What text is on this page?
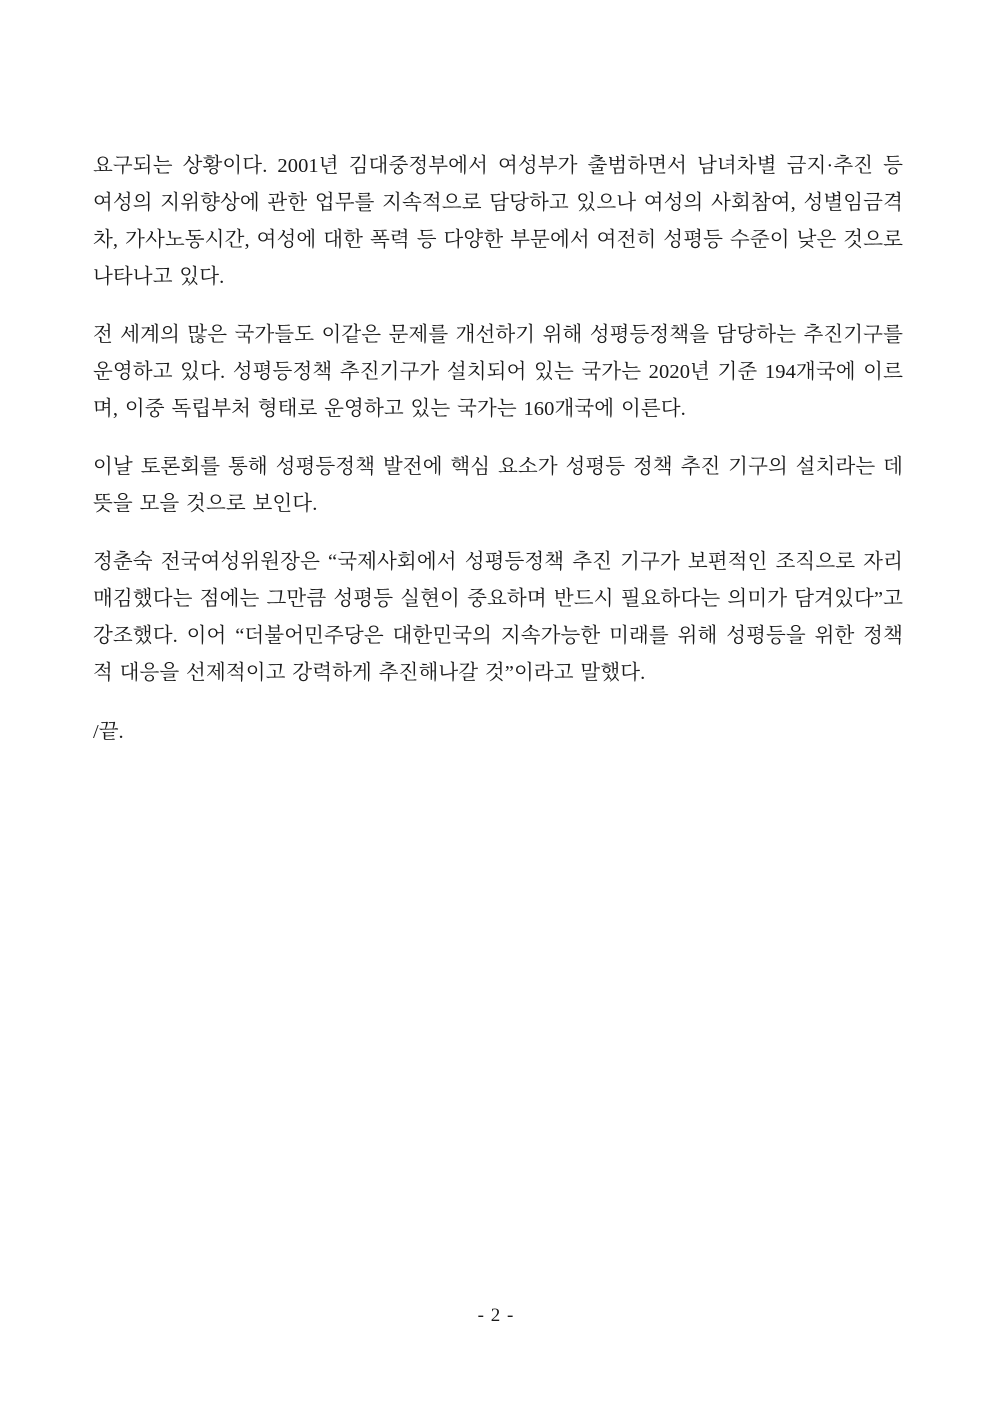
요구되는 상황이다. 2001년 김대중정부에서 여성부가 출범하면서 남녀차별 금지·추진 등 여성의 지위향상에 관한 업무를 지속적으로 담당하고 있으나 여성의 사회참여, 성별임금격차, 가사노동시간, 여성에 대한 폭력 등 다양한 부문에서 여전히 성평등 수준이 낮은 것으로 나타나고 있다.

전 세계의 많은 국가들도 이같은 문제를 개선하기 위해 성평등정책을 담당하는 추진기구를 운영하고 있다. 성평등정책 추진기구가 설치되어 있는 국가는 2020년 기준 194개국에 이르며, 이중 독립부처 형태로 운영하고 있는 국가는 160개국에 이른다.

이날 토론회를 통해 성평등정책 발전에 핵심 요소가 성평등 정책 추진 기구의 설치라는 데 뜻을 모을 것으로 보인다.

정춘숙 전국여성위원장은 “국제사회에서 성평등정책 추진 기구가 보편적인 조직으로 자리매김했다는 점에는 그만큼 성평등 실현이 중요하며 반드시 필요하다는 의미가 담겨있다”고 강조했다. 이어 “더불어민주당은 대한민국의 지속가능한 미래를 위해 성평등을 위한 정책적 대응을 선제적이고 강력하게 추진해나갈 것”이라고 말했다.

/끝.

- 2 -
